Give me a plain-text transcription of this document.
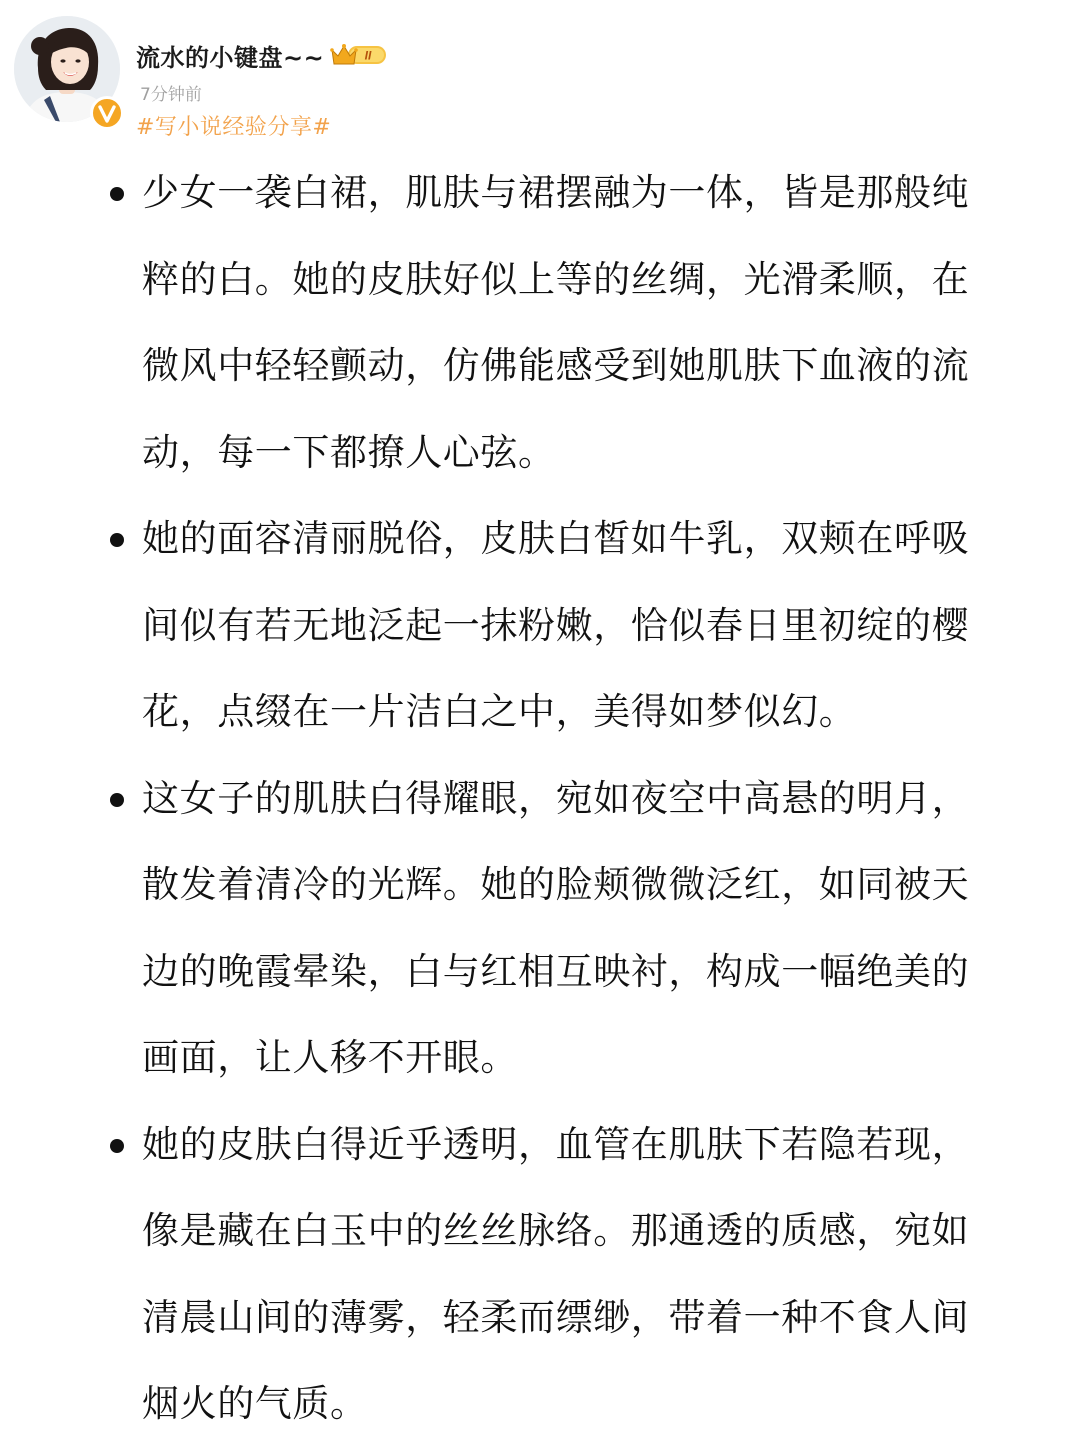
流水的小键盘~~	II
7分钟前
#写小说经验分享#
少女一袭白裙，肌肤与裙摆融为一体，皆是那般纯粹的白。她的皮肤好似上等的丝绸，光滑柔顺，在微风中轻轻颤动，仿佛能感受到她肌肤下血液的流动，每一下都撩人心弦。
她的面容清丽脱俗，皮肤白皙如牛乳，双颊在呼吸间似有若无地泛起一抹粉嫩，恰似春日里初绽的樱花，点缀在一片洁白之中，美得如梦似幻。
这女子的肌肤白得耀眼，宛如夜空中高悬的明月，散发着清冷的光辉。她的脸颊微微泛红，如同被天边的晚霞晕染，白与红相互映衬，构成一幅绝美的画面，让人移不开眼。
她的皮肤白得近乎透明，血管在肌肤下若隐若现，像是藏在白玉中的丝丝脉络。那通透的质感，宛如清晨山间的薄雾，轻柔而缥缈，带着一种不食人间烟火的气质。
